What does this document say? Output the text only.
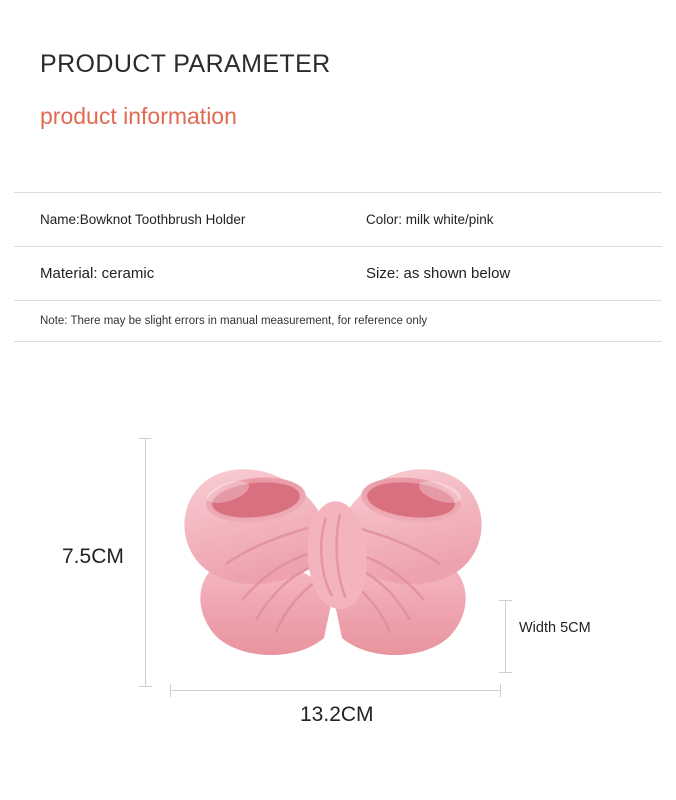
PRODUCT PARAMETER
product information
Name:Bowknot Toothbrush Holder	Color: milk white/pink
Material: ceramic	Size: as shown below
Note: There may be slight errors in manual measurement, for reference only
7.5CM
13.2CM
Width 5CM
